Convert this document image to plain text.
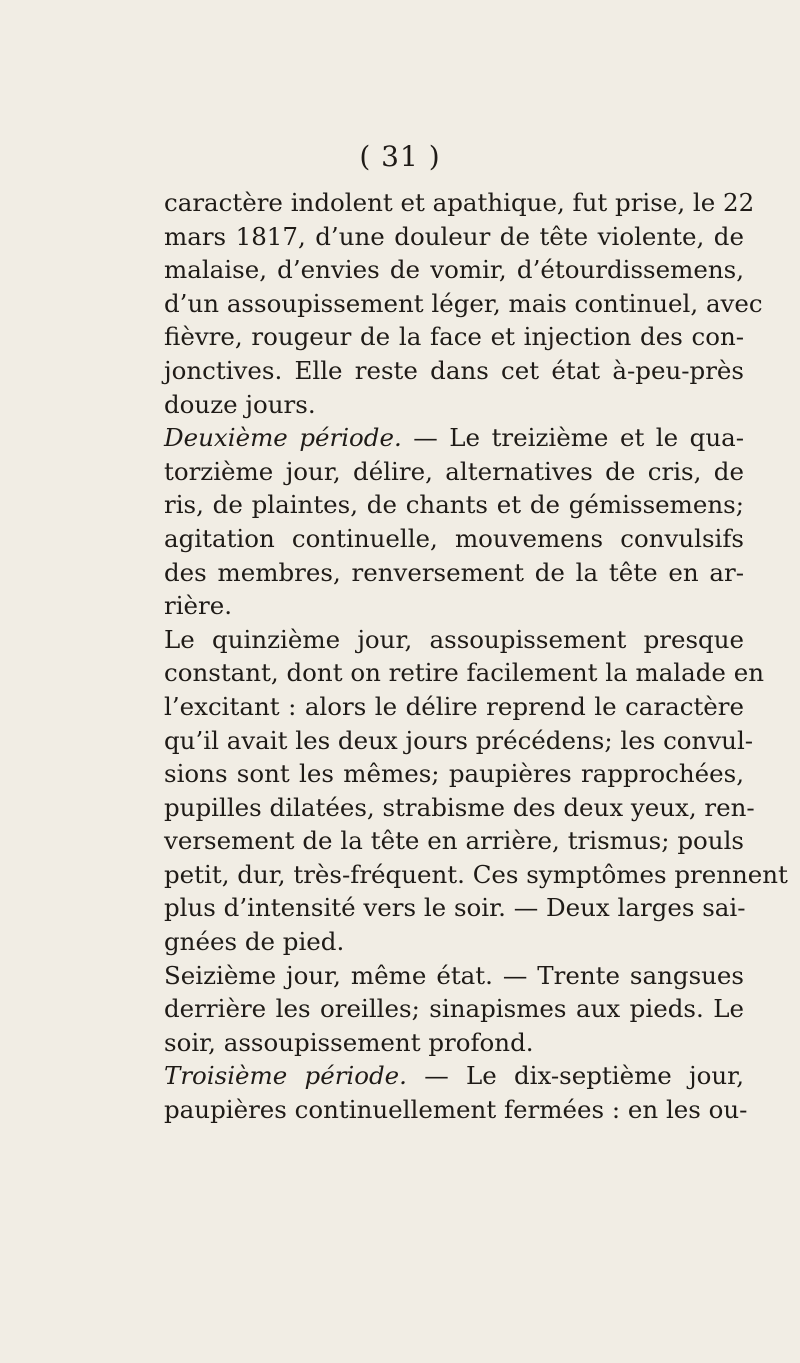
( 31 )
caractère indolent et apathique, fut prise, le 22
mars 1817, d’une douleur de tête violente, de
malaise, d’envies de vomir, d’étourdissemens,
d’un assoupissement léger, mais continuel, avec
fièvre, rougeur de la face et injection des con-
jonctives. Elle reste dans cet état à-peu-près
douze jours.
Deuxième période. — Le treizième et le qua-
torzième jour, délire, alternatives de cris, de
ris, de plaintes, de chants et de gémissemens;
agitation continuelle, mouvemens convulsifs
des membres, renversement de la tête en ar-
rière.
Le quinzième jour, assoupissement presque
constant, dont on retire facilement la malade en
l’excitant : alors le délire reprend le caractère
qu’il avait les deux jours précédens; les convul-
sions sont les mêmes; paupières rapprochées,
pupilles dilatées, strabisme des deux yeux, ren-
versement de la tête en arrière, trismus; pouls
petit, dur, très-fréquent. Ces symptômes prennent
plus d’intensité vers le soir. — Deux larges sai-
gnées de pied.
Seizième jour, même état. — Trente sangsues
derrière les oreilles; sinapismes aux pieds. Le
soir, assoupissement profond.
Troisième période. — Le dix-septième jour,
paupières continuellement fermées : en les ou-
